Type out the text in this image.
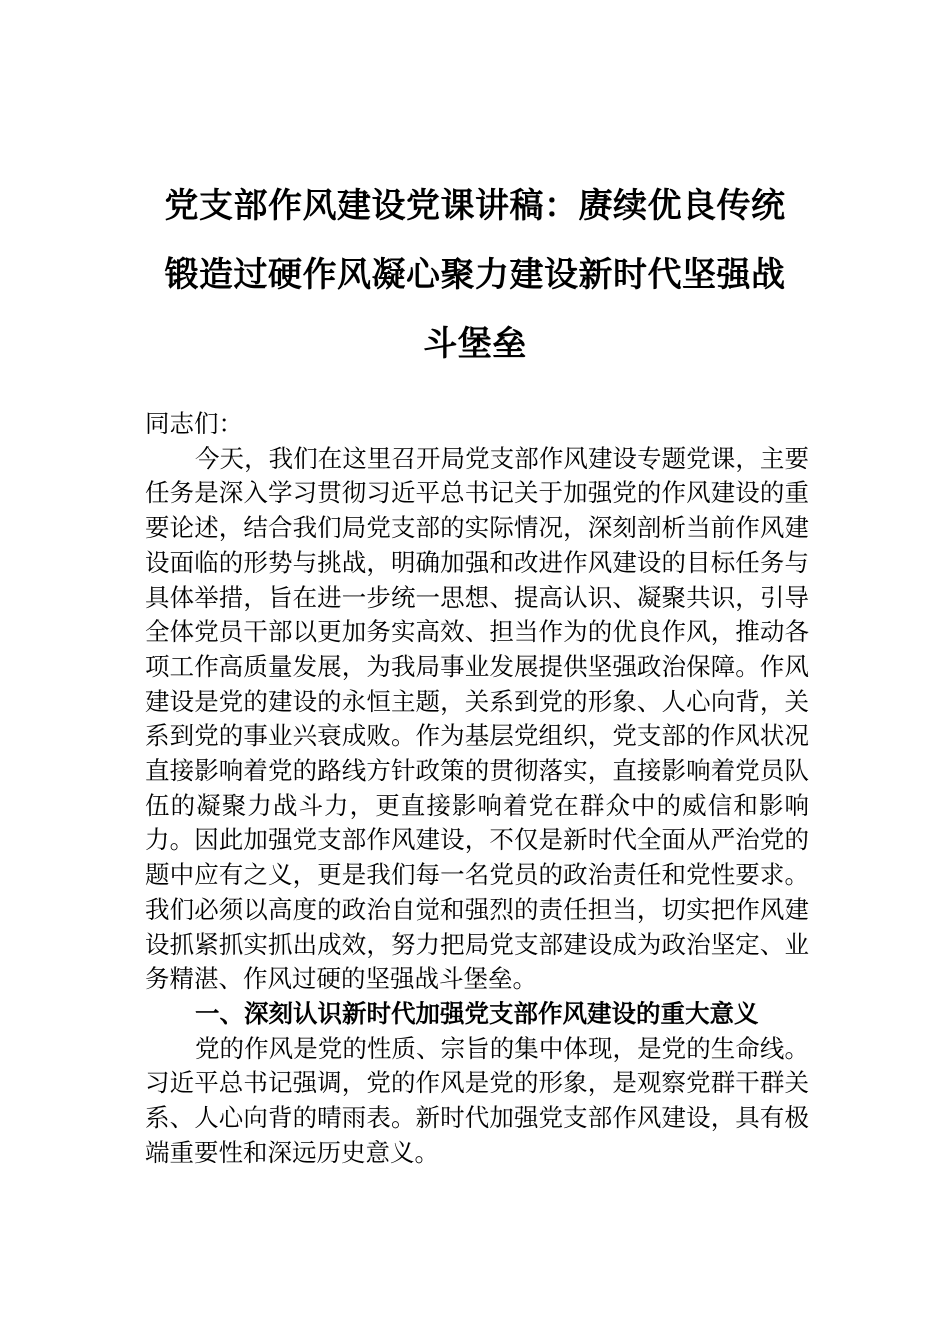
党支部作风建设党课讲稿：赓续优良传统
锻造过硬作风凝心聚力建设新时代坚强战
斗堡垒

同志们：

今天，我们在这里召开局党支部作风建设专题党课，主要任务是深入学习贯彻习近平总书记关于加强党的作风建设的重要论述，结合我们局党支部的实际情况，深刻剖析当前作风建设面临的形势与挑战，明确加强和改进作风建设的目标任务与具体举措，旨在进一步统一思想、提高认识、凝聚共识，引导全体党员干部以更加务实高效、担当作为的优良作风，推动各项工作高质量发展，为我局事业发展提供坚强政治保障。作风建设是党的建设的永恒主题，关系到党的形象、人心向背，关系到党的事业兴衰成败。作为基层党组织，党支部的作风状况直接影响着党的路线方针政策的贯彻落实，直接影响着党员队伍的凝聚力战斗力，更直接影响着党在群众中的威信和影响力。因此加强党支部作风建设，不仅是新时代全面从严治党的题中应有之义，更是我们每一名党员的政治责任和党性要求。我们必须以高度的政治自觉和强烈的责任担当，切实把作风建设抓紧抓实抓出成效，努力把局党支部建设成为政治坚定、业务精湛、作风过硬的坚强战斗堡垒。

一、深刻认识新时代加强党支部作风建设的重大意义

党的作风是党的性质、宗旨的集中体现，是党的生命线。习近平总书记强调，党的作风是党的形象，是观察党群干群关系、人心向背的晴雨表。新时代加强党支部作风建设，具有极端重要性和深远历史意义。
